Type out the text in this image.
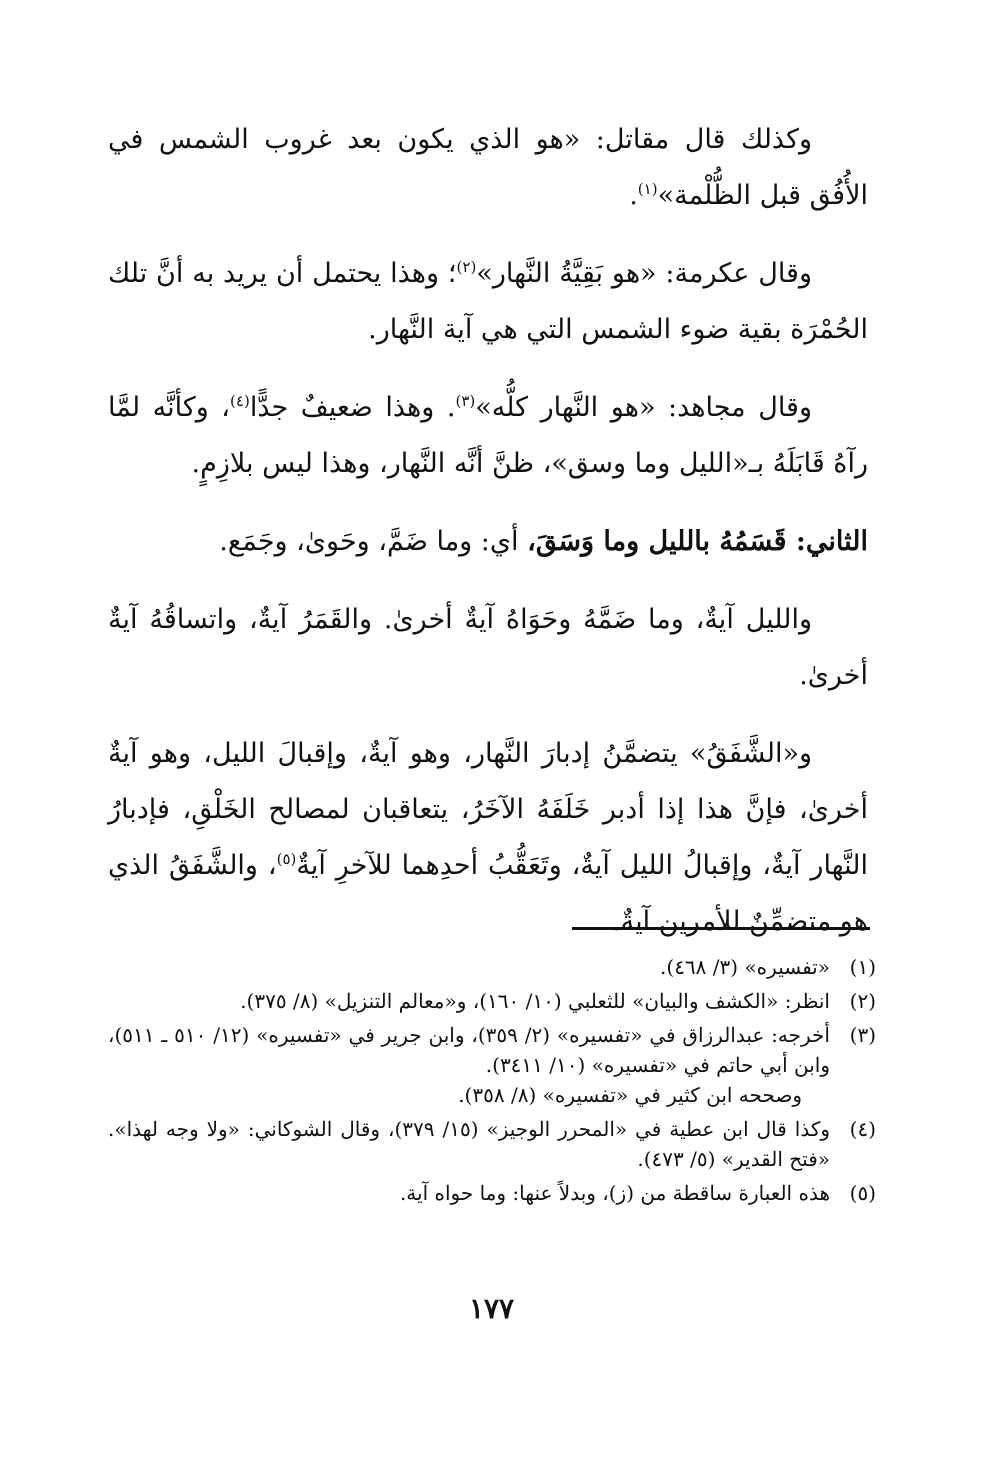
وكذلك قال مقاتل: «هو الذي يكون بعد غروب الشمس في الأُفُق قبل الظُّلْمة»$^{(١)}$.

وقال عكرمة: «هو بَقِيَّةُ النَّهار»$^{(٢)}$؛ وهذا يحتمل أن يريد به أنَّ تلك الحُمْرَة بقية ضوء الشمس التي هي آية النَّهار.

وقال مجاهد: «هو النَّهار كلُّه»$^{(٣)}$. وهذا ضعيفٌ جدًّا$^{(٤)}$، وكأنَّه لمَّا رآهُ قَابَلَهُ بـ«الليل وما وسق»، ظنَّ أنَّه النَّهار، وهذا ليس بلازِمٍ.

الثاني: قَسَمُهُ بالليل وما وَسَقَ، أي: وما ضَمَّ، وحَوىٰ، وجَمَع.

والليل آيةٌ، وما ضَمَّهُ وحَوَاهُ آيةٌ أخرىٰ. والقَمَرُ آيةٌ، واتساقُهُ آيةٌ أخرىٰ.

و«الشَّفَقُ» يتضمَّنُ إدبارَ النَّهار، وهو آيةٌ، وإقبالَ الليل، وهو آيةٌ أخرىٰ، فإنَّ هذا إذا أدبر خَلَفَهُ الآخَرُ، يتعاقبان لمصالح الخَلْقِ، فإدبارُ النَّهار آيةٌ، وإقبالُ الليل آيةٌ، وتَعَقُّبُ أحدِهما للآخرِ آيةٌ$^{(٥)}$، والشَّفَقُ الذي هو متضمِّنٌ للأمرين آيةٌ.

(١)
«تفسيره» (٣/ ٤٦٨).
(٢)
انظر: «الكشف والبيان» للثعلبي (١٠/ ١٦٠)، و«معالم التنزيل» (٨/ ٣٧٥).
(٣)
أخرجه: عبدالرزاق في «تفسيره» (٢/ ٣٥٩)، وابن جرير في «تفسيره» (١٢/ ٥١٠ ـ ٥١١)، وابن أبي حاتم في «تفسيره» (١٠/ ٣٤١١).
وصححه ابن كثير في «تفسيره» (٨/ ٣٥٨).
(٤)
وكذا قال ابن عطية في «المحرر الوجيز» (١٥/ ٣٧٩)، وقال الشوكاني: «ولا وجه لهذا». «فتح القدير» (٥/ ٤٧٣).
(٥)
هذه العبارة ساقطة من (ز)، وبدلاً عنها: وما حواه آية.
١٧٧
